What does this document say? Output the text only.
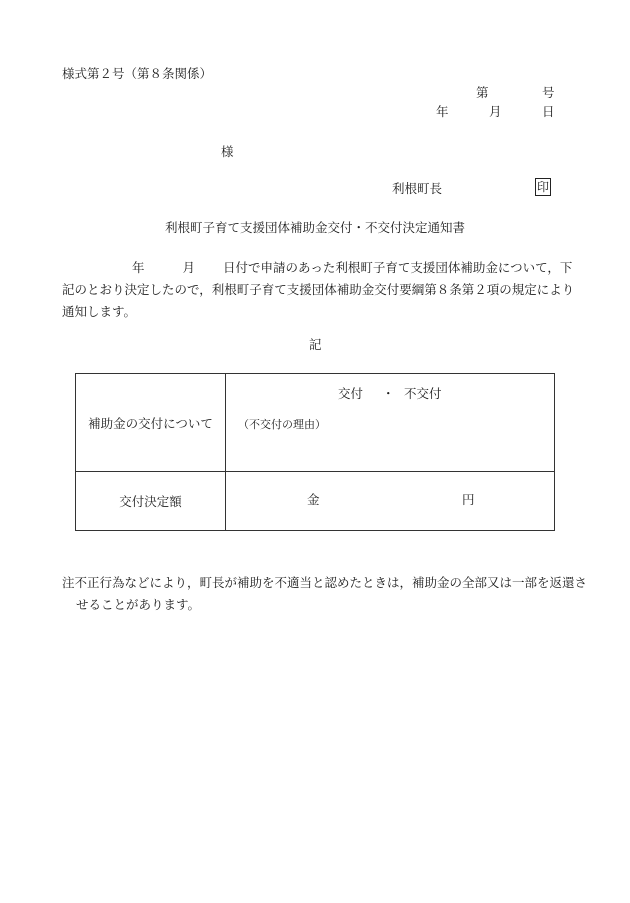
様式第２号（第８条関係）
第	号
年	月	日
様
利根町長	印
利根町子育て支援団体補助金交付・不交付決定通知書
年	月 日付で申請のあった利根町子育て支援団体補助金について，下記のとおり決定したので，利根町子育て支援団体補助金交付要綱第８条第２項の規定により通知します。
記
補助金の交付について	交付 ・ 不交付
（不交付の理由）

交付決定額	金 円
注不正行為などにより，町長が補助を不適当と認めたときは，補助金の全部又は一部を返還させることがあります。
